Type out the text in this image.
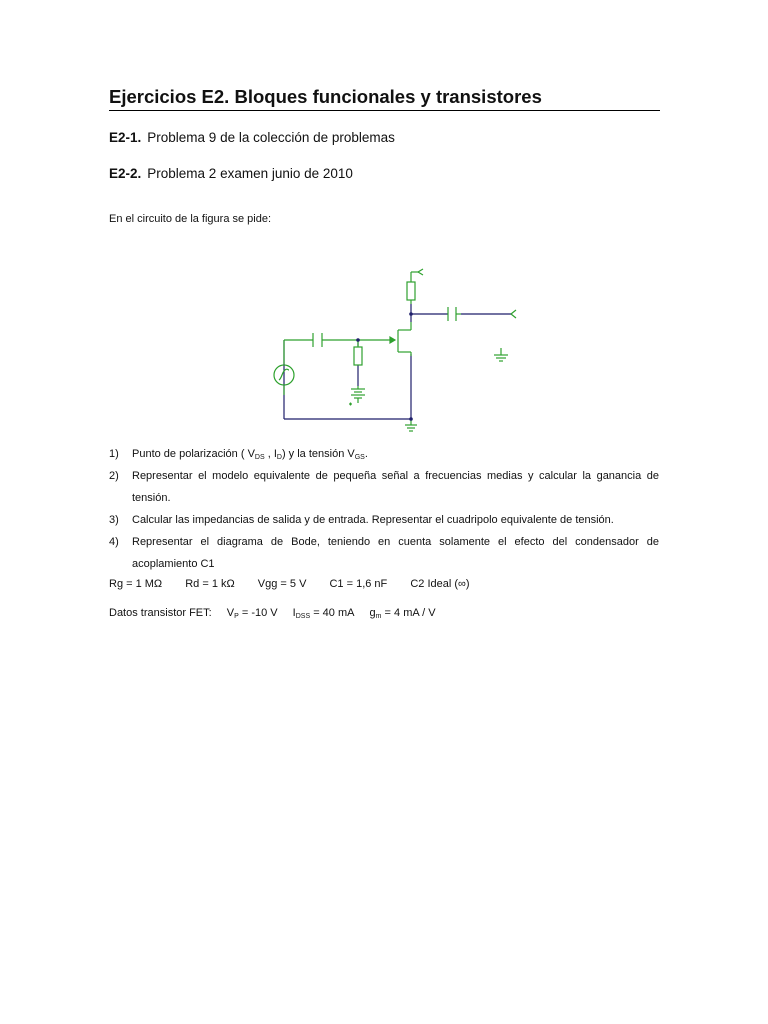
Ejercicios E2. Bloques funcionales y transistores
E2-1. Problema 9 de la colección de problemas
E2-2. Problema 2 examen junio de 2010
En el circuito de la figura se pide:
1) Punto de polarización ( $V_{DS}$ , $I_D$) y la tensión $V_{GS}$.
2) Representar el modelo equivalente de pequeña señal a frecuencias medias y calcular la ganancia de tensión.
3) Calcular las impedancias de salida y de entrada. Representar el cuadripolo equivalente de tensión.
4) Representar el diagrama de Bode, teniendo en cuenta solamente el efecto del condensador de acoplamiento C1
Rg = 1 MΩ Rd = 1 kΩ Vgg = 5 V C1 = 1,6 nF C2 Ideal (∞)
Datos transistor FET: $V_P = -10$ V $I_{DSS} = 40$ mA $g_m = 4$ mA / V
